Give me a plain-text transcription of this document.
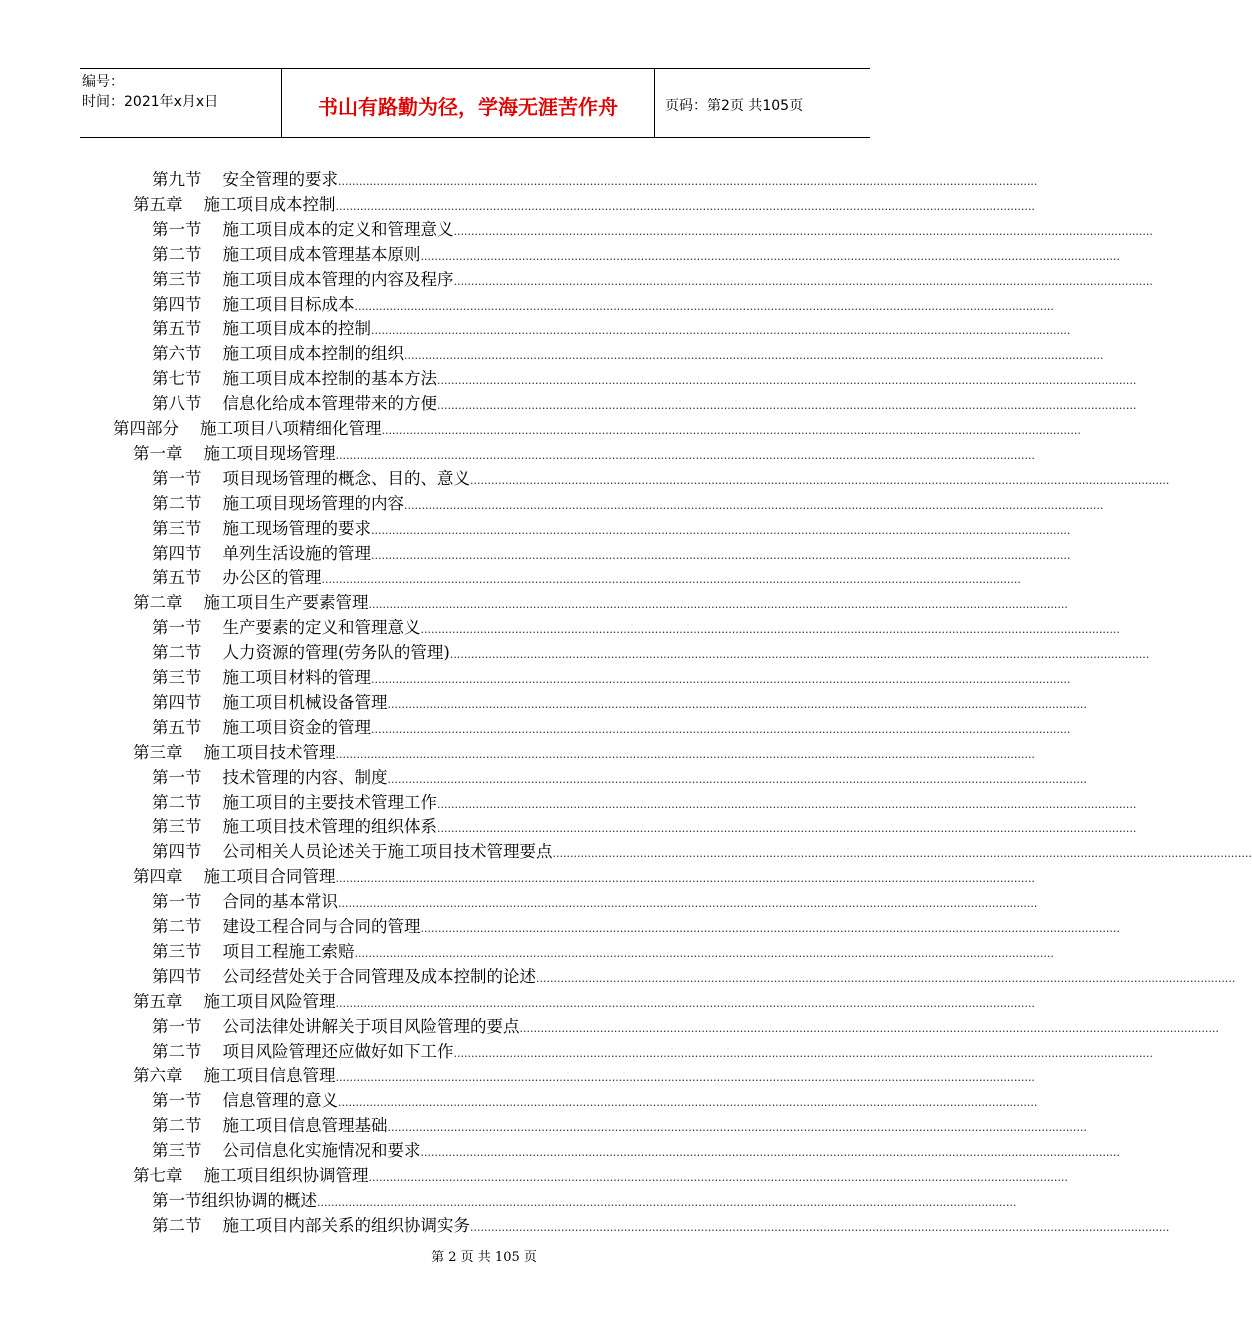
编号：
时间：2021年x月x日	书山有路勤为径，学海无涯苦作舟	页码：第2页 共105页
第九节 安全管理的要求 ........................................................................................................................................................................................................
第五章 施工项目成本控制 ........................................................................................................................................................................................................
第一节 施工项目成本的定义和管理意义 ........................................................................................................................................................................................................
第二节 施工项目成本管理基本原则 ........................................................................................................................................................................................................
第三节 施工项目成本管理的内容及程序 ........................................................................................................................................................................................................
第四节 施工项目目标成本 ........................................................................................................................................................................................................
第五节 施工项目成本的控制 ........................................................................................................................................................................................................
第六节 施工项目成本控制的组织 ........................................................................................................................................................................................................
第七节 施工项目成本控制的基本方法 ........................................................................................................................................................................................................
第八节 信息化给成本管理带来的方便 ........................................................................................................................................................................................................
第四部分 施工项目八项精细化管理 ........................................................................................................................................................................................................
第一章 施工项目现场管理 ........................................................................................................................................................................................................
第一节 项目现场管理的概念、目的、意义 ........................................................................................................................................................................................................
第二节 施工项目现场管理的内容 ........................................................................................................................................................................................................
第三节 施工现场管理的要求 ........................................................................................................................................................................................................
第四节 单列生活设施的管理 ........................................................................................................................................................................................................
第五节 办公区的管理 ........................................................................................................................................................................................................
第二章 施工项目生产要素管理 ........................................................................................................................................................................................................
第一节 生产要素的定义和管理意义 ........................................................................................................................................................................................................
第二节 人力资源的管理(劳务队的管理) ........................................................................................................................................................................................................
第三节 施工项目材料的管理 ........................................................................................................................................................................................................
第四节 施工项目机械设备管理 ........................................................................................................................................................................................................
第五节 施工项目资金的管理 ........................................................................................................................................................................................................
第三章 施工项目技术管理 ........................................................................................................................................................................................................
第一节 技术管理的内容、制度 ........................................................................................................................................................................................................
第二节 施工项目的主要技术管理工作 ........................................................................................................................................................................................................
第三节 施工项目技术管理的组织体系 ........................................................................................................................................................................................................
第四节 公司相关人员论述关于施工项目技术管理要点 ........................................................................................................................................................................................................
第四章 施工项目合同管理 ........................................................................................................................................................................................................
第一节 合同的基本常识 ........................................................................................................................................................................................................
第二节 建设工程合同与合同的管理 ........................................................................................................................................................................................................
第三节 项目工程施工索赔 ........................................................................................................................................................................................................
第四节 公司经营处关于合同管理及成本控制的论述 ........................................................................................................................................................................................................
第五章 施工项目风险管理 ........................................................................................................................................................................................................
第一节 公司法律处讲解关于项目风险管理的要点 ........................................................................................................................................................................................................
第二节 项目风险管理还应做好如下工作 ........................................................................................................................................................................................................
第六章 施工项目信息管理 ........................................................................................................................................................................................................
第一节 信息管理的意义 ........................................................................................................................................................................................................
第二节 施工项目信息管理基础 ........................................................................................................................................................................................................
第三节 公司信息化实施情况和要求 ........................................................................................................................................................................................................
第七章 施工项目组织协调管理 ........................................................................................................................................................................................................
第一节 组织协调的概述 ........................................................................................................................................................................................................
第二节 施工项目内部关系的组织协调实务 ........................................................................................................................................................................................................
第 2 页 共 105 页
